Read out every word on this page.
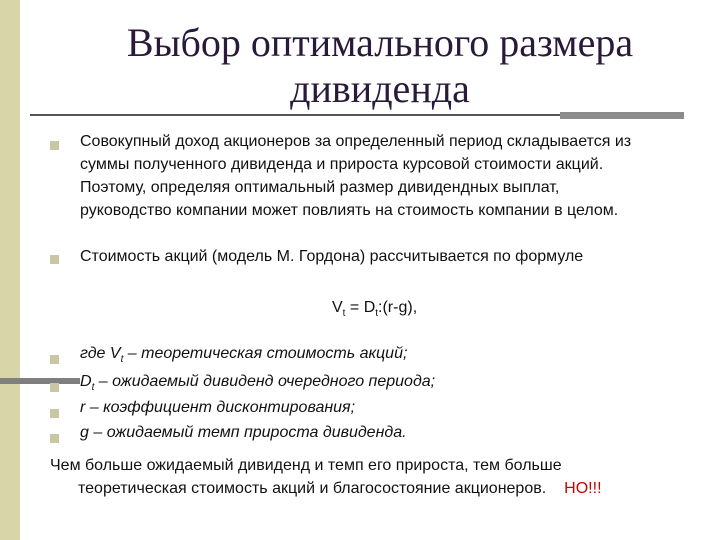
Выбор оптимального размера
дивиденда
Совокупный доход акционеров за определенный период складывается из
суммы полученного дивиденда и прироста курсовой стоимости акций.
Поэтому, определяя оптимальный размер дивидендных выплат,
руководство компании может повлиять на стоимость компании в целом.
Стоимость акций (модель М. Гордона) рассчитывается по формуле
$V_t$ = $D_t:(r-g)$,
где $V_t$ – теоретическая стоимость акций;
$D_t$ – ожидаемый дивиденд очередного периода;
r – коэффициент дисконтирования;
g – ожидаемый темп прироста дивиденда.
Чем больше ожидаемый дивиденд и темп его прироста, тем больше
теоретическая стоимость акций и благосостояние акционеров. НО!!!
